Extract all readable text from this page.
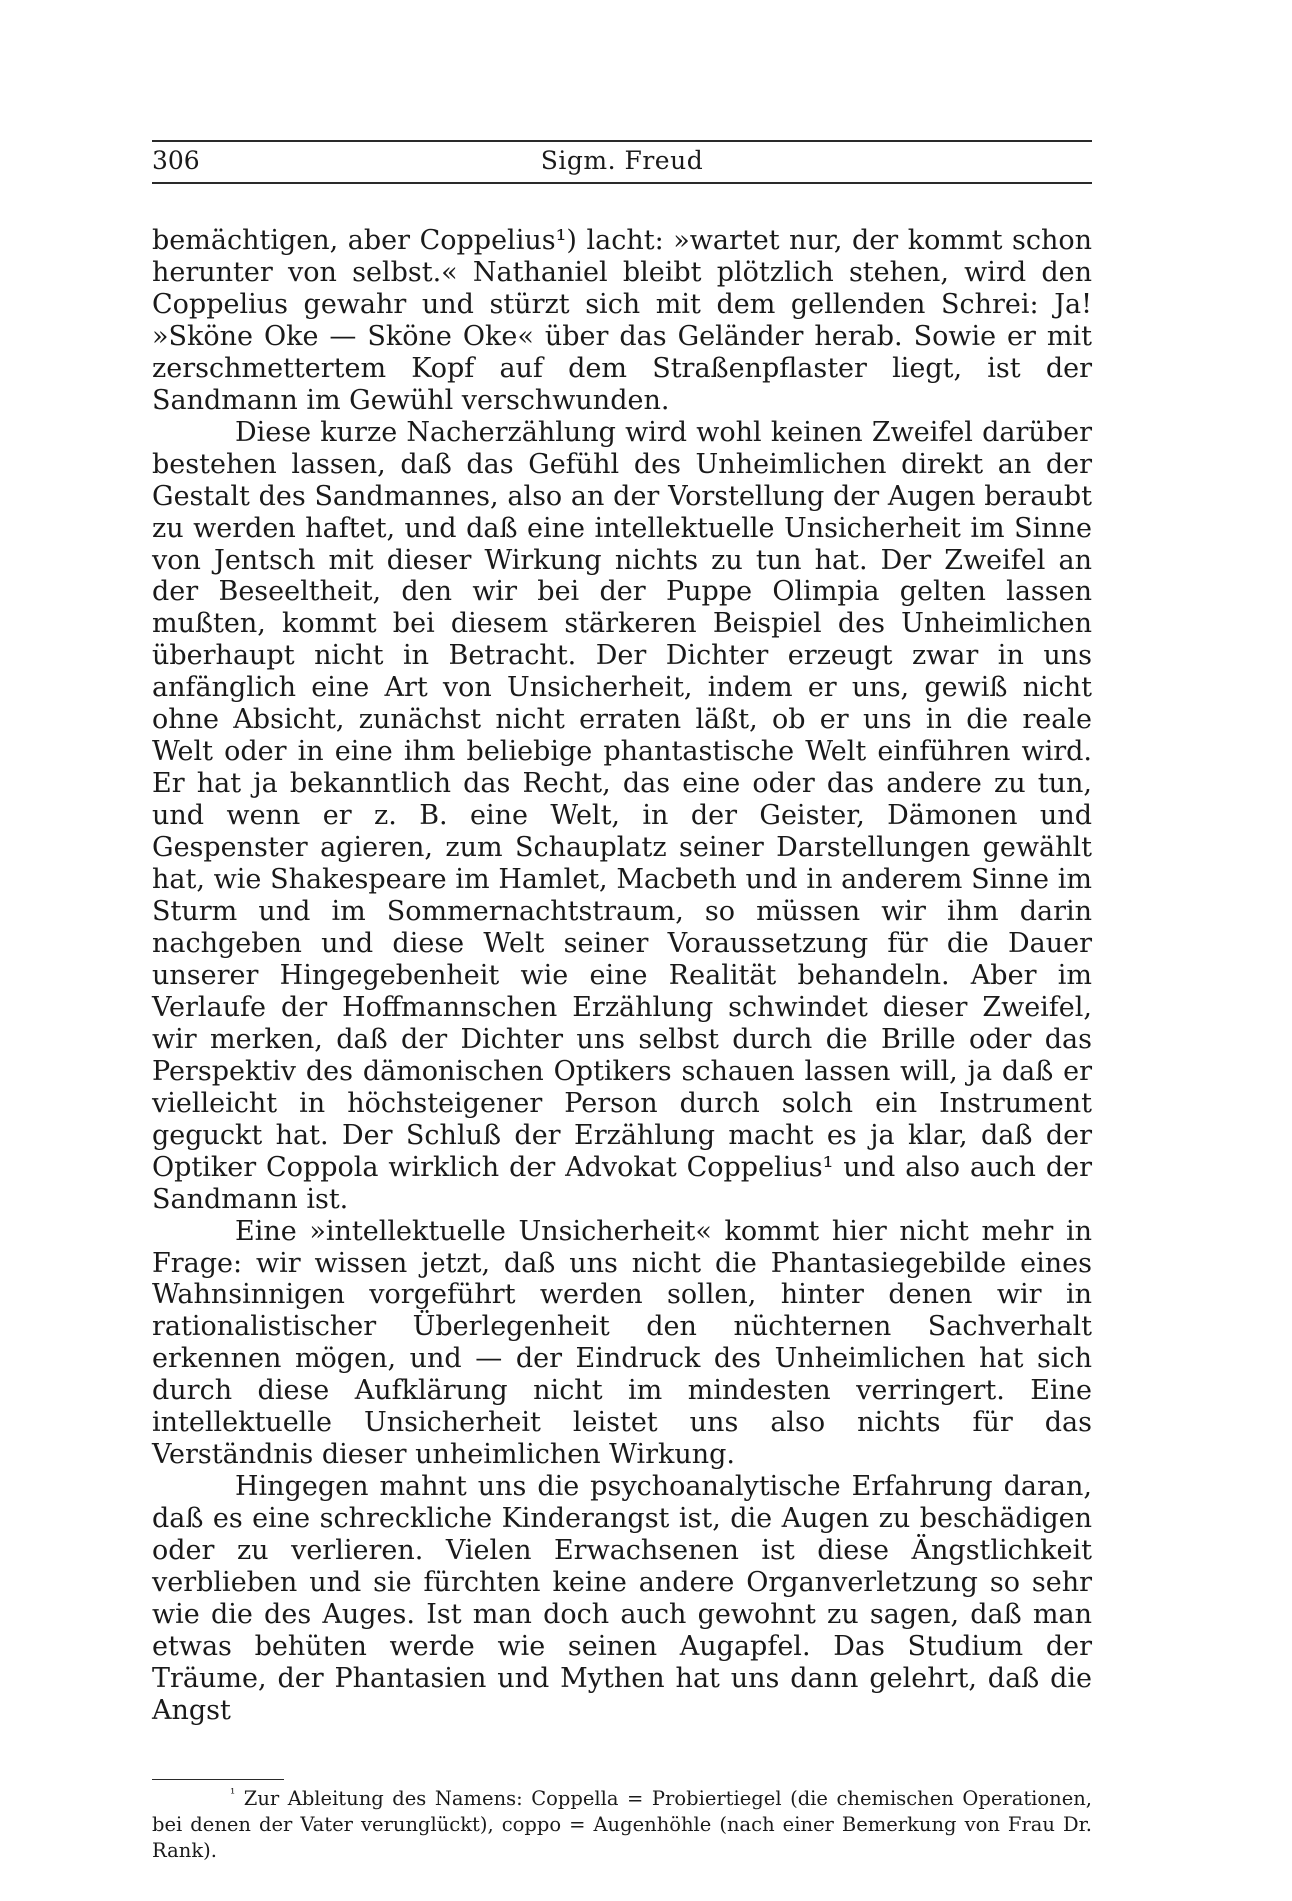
306	Sigm. Freud

bemächtigen, aber Coppelius¹) lacht: »wartet nur, der kommt schon herunter von selbst.« Nathaniel bleibt plötzlich stehen, wird den Coppelius gewahr und stürzt sich mit dem gellenden Schrei: Ja! »Sköne Oke — Sköne Oke« über das Geländer herab. Sowie er mit zerschmettertem Kopf auf dem Straßenpflaster liegt, ist der Sandmann im Gewühl verschwunden.

Diese kurze Nacherzählung wird wohl keinen Zweifel darüber bestehen lassen, daß das Gefühl des Unheimlichen direkt an der Gestalt des Sandmannes, also an der Vorstellung der Augen beraubt zu werden haftet, und daß eine intellektuelle Unsicherheit im Sinne von Jentsch mit dieser Wirkung nichts zu tun hat. Der Zweifel an der Beseeltheit, den wir bei der Puppe Olimpia gelten lassen mußten, kommt bei diesem stärkeren Beispiel des Unheimlichen überhaupt nicht in Betracht. Der Dichter erzeugt zwar in uns anfänglich eine Art von Unsicherheit, indem er uns, gewiß nicht ohne Absicht, zunächst nicht erraten läßt, ob er uns in die reale Welt oder in eine ihm beliebige phantastische Welt einführen wird. Er hat ja bekanntlich das Recht, das eine oder das andere zu tun, und wenn er z. B. eine Welt, in der Geister, Dämonen und Gespenster agieren, zum Schauplatz seiner Darstellungen gewählt hat, wie Shakespeare im Hamlet, Macbeth und in anderem Sinne im Sturm und im Sommernachtstraum, so müssen wir ihm darin nachgeben und diese Welt seiner Voraussetzung für die Dauer unserer Hingegebenheit wie eine Realität behandeln. Aber im Verlaufe der Hoffmannschen Erzählung schwindet dieser Zweifel, wir merken, daß der Dichter uns selbst durch die Brille oder das Perspektiv des dämonischen Optikers schauen lassen will, ja daß er vielleicht in höchsteigener Person durch solch ein Instrument geguckt hat. Der Schluß der Erzählung macht es ja klar, daß der Optiker Coppola wirklich der Advokat Coppelius¹ und also auch der Sandmann ist.

Eine »intellektuelle Unsicherheit« kommt hier nicht mehr in Frage: wir wissen jetzt, daß uns nicht die Phantasiegebilde eines Wahnsinnigen vorgeführt werden sollen, hinter denen wir in rationalistischer Überlegenheit den nüchternen Sachverhalt erkennen mögen, und — der Eindruck des Unheimlichen hat sich durch diese Aufklärung nicht im mindesten verringert. Eine intellektuelle Unsicherheit leistet uns also nichts für das Verständnis dieser unheimlichen Wirkung.

Hingegen mahnt uns die psychoanalytische Erfahrung daran, daß es eine schreckliche Kinderangst ist, die Augen zu beschädigen oder zu verlieren. Vielen Erwachsenen ist diese Ängstlichkeit verblieben und sie fürchten keine andere Organverletzung so sehr wie die des Auges. Ist man doch auch gewohnt zu sagen, daß man etwas behüten werde wie seinen Augapfel. Das Studium der Träume, der Phantasien und Mythen hat uns dann gelehrt, daß die Angst

$^{^1}$ Zur Ableitung des Namens: Coppella = Probiertiegel (die chemischen Operationen, bei denen der Vater verunglückt), coppo = Augenhöhle (nach einer Bemerkung von Frau Dr. Rank).
